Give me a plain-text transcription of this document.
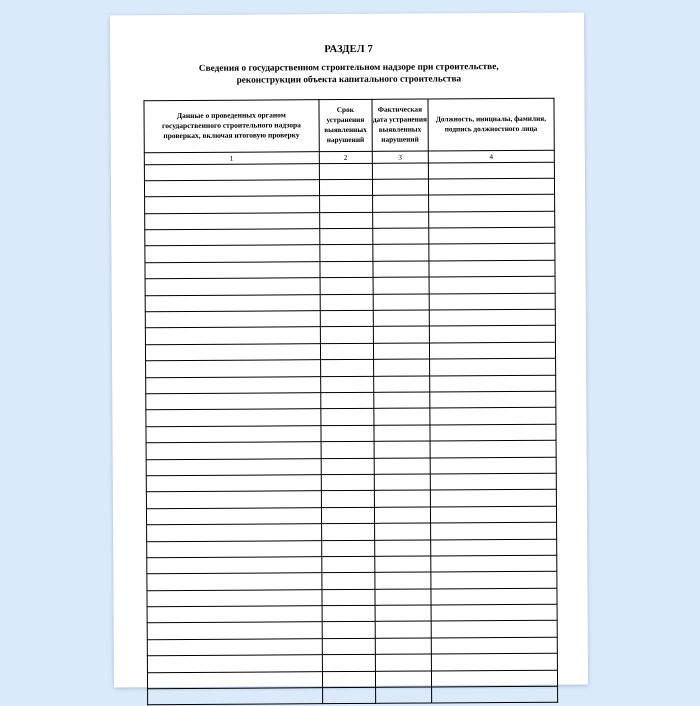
РАЗДЕЛ 7
Сведения о государственном строительном надзоре при строительстве,
реконструкции объекта капитального строительства
Данные о проведенных органом государственного строительного надзора проверках, включая итоговую проверку	Срок устранения выявленных нарушений	Фактическая дата устранения выявленных нарушений	Должность, инициалы, фамилия, подпись должностного лица
1	2	3	4
